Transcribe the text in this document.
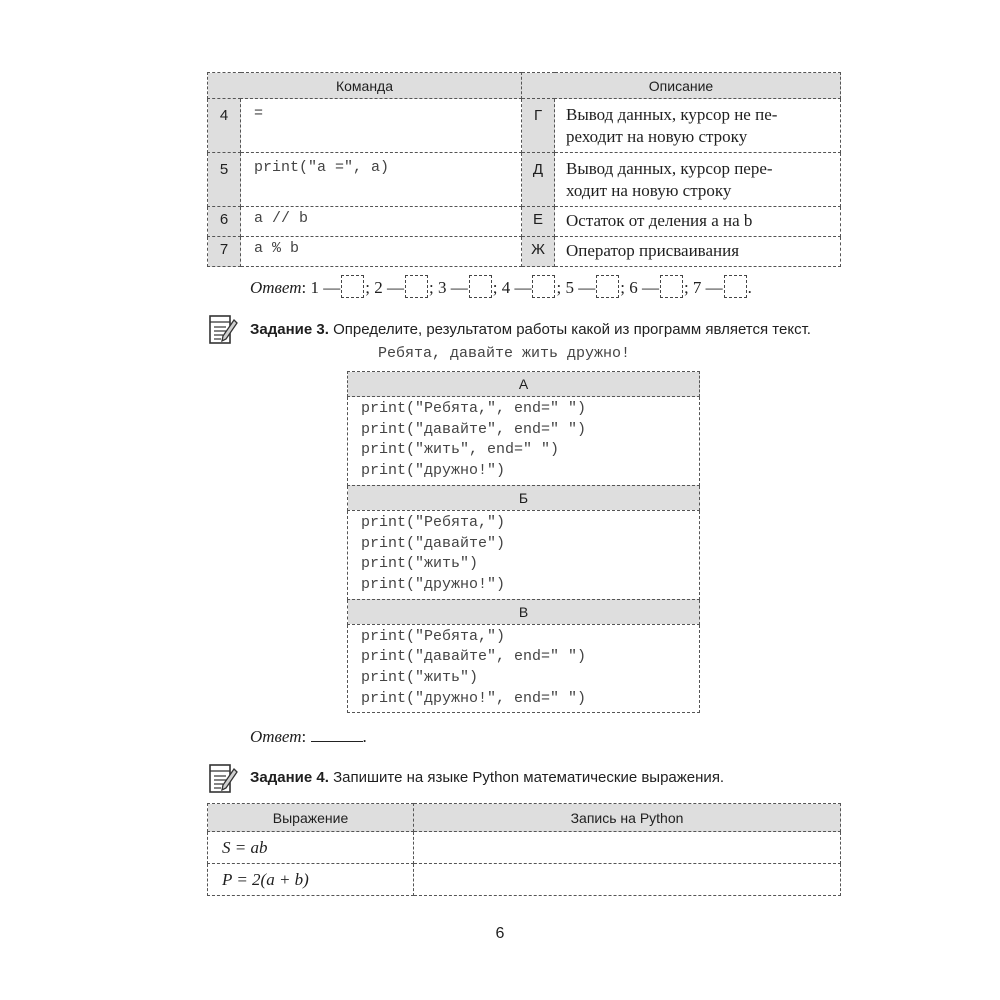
Команда		Описание	
4	=	Г	Вывод данных, курсор не пе-
реходит на новую строку
5	print("a =", a)	Д	Вывод данных, курсор пере-
ходит на новую строку
6	a // b	Е	Остаток от деления a на b
7	a % b	Ж	Оператор присваивания
Ответ: 1 — ; 2 — ; 3 — ; 4 — ; 5 — ; 6 — ; 7 — .
Задание 3. Определите, результатом работы какой из программ является текст.
Ребята, давайте жить дружно!
А
print("Ребята,", end=" ")
print("давайте", end=" ")
print("жить", end=" ")
print("дружно!")
Б
print("Ребята,")
print("давайте")
print("жить")
print("дружно!")
В
print("Ребята,")
print("давайте", end=" ")
print("жить")
print("дружно!", end=" ")
Ответ:	.
Задание 4. Запишите на языке Python математические выражения.
Выражение	Запись на Python
S = ab	
P = 2(a + b)	
6
